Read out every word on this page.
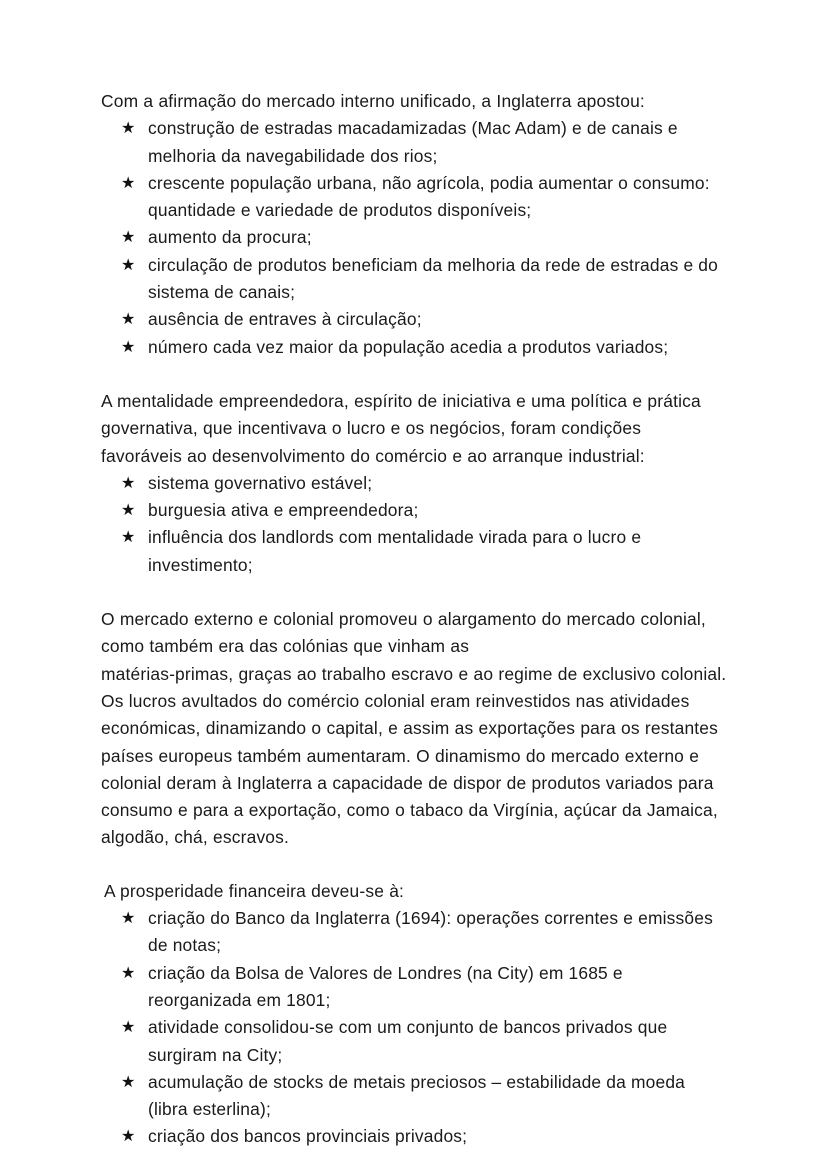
Com a afirmação do mercado interno unificado, a Inglaterra apostou:

★ construção de estradas macadamizadas (Mac Adam) e de canais e melhoria da navegabilidade dos rios;
★ crescente população urbana, não agrícola, podia aumentar o consumo: quantidade e variedade de produtos disponíveis;
★ aumento da procura;
★ circulação de produtos beneficiam da melhoria da rede de estradas e do sistema de canais;
★ ausência de entraves à circulação;
★ número cada vez maior da população acedia a produtos variados;

A mentalidade empreendedora, espírito de iniciativa e uma política e prática governativa, que incentivava o lucro e os negócios, foram condições favoráveis ao desenvolvimento do comércio e ao arranque industrial:

★ sistema governativo estável;
★ burguesia ativa e empreendedora;
★ influência dos landlords com mentalidade virada para o lucro e investimento;

O mercado externo e colonial promoveu o alargamento do mercado colonial, como também era das colónias que vinham as

matérias-primas, graças ao trabalho escravo e ao regime de exclusivo colonial. Os lucros avultados do comércio colonial eram reinvestidos nas atividades económicas, dinamizando o capital, e assim as exportações para os restantes países europeus também aumentaram. O dinamismo do mercado externo e colonial deram à Inglaterra a capacidade de dispor de produtos variados para consumo e para a exportação, como o tabaco da Virgínia, açúcar da Jamaica, algodão, chá, escravos.

A prosperidade financeira deveu-se à:

★ criação do Banco da Inglaterra (1694): operações correntes e emissões de notas;
★ criação da Bolsa de Valores de Londres (na City) em 1685 e reorganizada em 1801;
★ atividade consolidou-se com um conjunto de bancos privados que surgiram na City;
★ acumulação de stocks de metais preciosos – estabilidade da moeda (libra esterlina);
★ criação dos bancos provinciais privados;
